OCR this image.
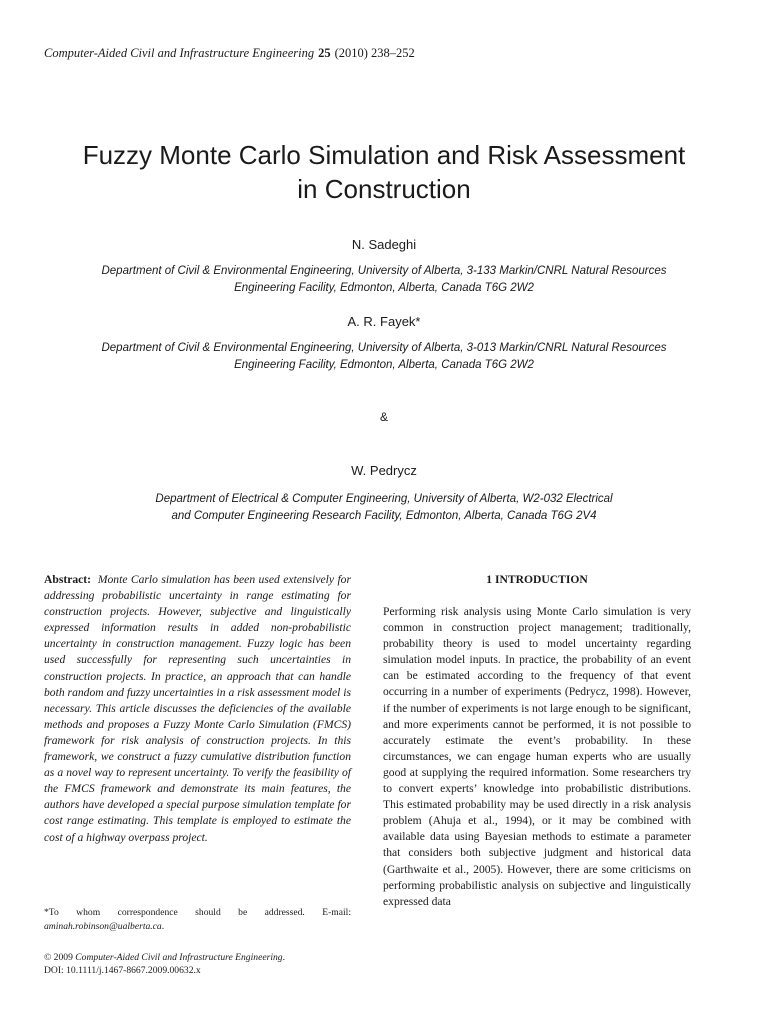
Computer-Aided Civil and Infrastructure Engineering 25 (2010) 238–252
Fuzzy Monte Carlo Simulation and Risk Assessment
in Construction
N. Sadeghi
Department of Civil & Environmental Engineering, University of Alberta, 3-133 Markin/CNRL Natural Resources
Engineering Facility, Edmonton, Alberta, Canada T6G 2W2
A. R. Fayek*
Department of Civil & Environmental Engineering, University of Alberta, 3-013 Markin/CNRL Natural Resources
Engineering Facility, Edmonton, Alberta, Canada T6G 2W2
&
W. Pedrycz
Department of Electrical & Computer Engineering, University of Alberta, W2-032 Electrical
and Computer Engineering Research Facility, Edmonton, Alberta, Canada T6G 2V4
Abstract: Monte Carlo simulation has been used extensively for addressing probabilistic uncertainty in range estimating for construction projects. However, subjective and linguistically expressed information results in added non-probabilistic uncertainty in construction management. Fuzzy logic has been used successfully for representing such uncertainties in construction projects. In practice, an approach that can handle both random and fuzzy uncertainties in a risk assessment model is necessary. This article discusses the deficiencies of the available methods and proposes a Fuzzy Monte Carlo Simulation (FMCS) framework for risk analysis of construction projects. In this framework, we construct a fuzzy cumulative distribution function as a novel way to represent uncertainty. To verify the feasibility of the FMCS framework and demonstrate its main features, the authors have developed a special purpose simulation template for cost range estimating. This template is employed to estimate the cost of a highway overpass project.
*To whom correspondence should be addressed. E-mail: aminah.robinson@ualberta.ca.
© 2009 Computer-Aided Civil and Infrastructure Engineering.
DOI: 10.1111/j.1467-8667.2009.00632.x
1 INTRODUCTION
Performing risk analysis using Monte Carlo simulation is very common in construction project management; traditionally, probability theory is used to model uncertainty regarding simulation model inputs. In practice, the probability of an event can be estimated according to the frequency of that event occurring in a number of experiments (Pedrycz, 1998). However, if the number of experiments is not large enough to be significant, and more experiments cannot be performed, it is not possible to accurately estimate the event’s probability. In these circumstances, we can engage human experts who are usually good at supplying the required information. Some researchers try to convert experts’ knowledge into probabilistic distributions. This estimated probability may be used directly in a risk analysis problem (Ahuja et al., 1994), or it may be combined with available data using Bayesian methods to estimate a parameter that considers both subjective judgment and historical data (Garthwaite et al., 2005). However, there are some criticisms on performing probabilistic analysis on subjective and linguistically expressed data
